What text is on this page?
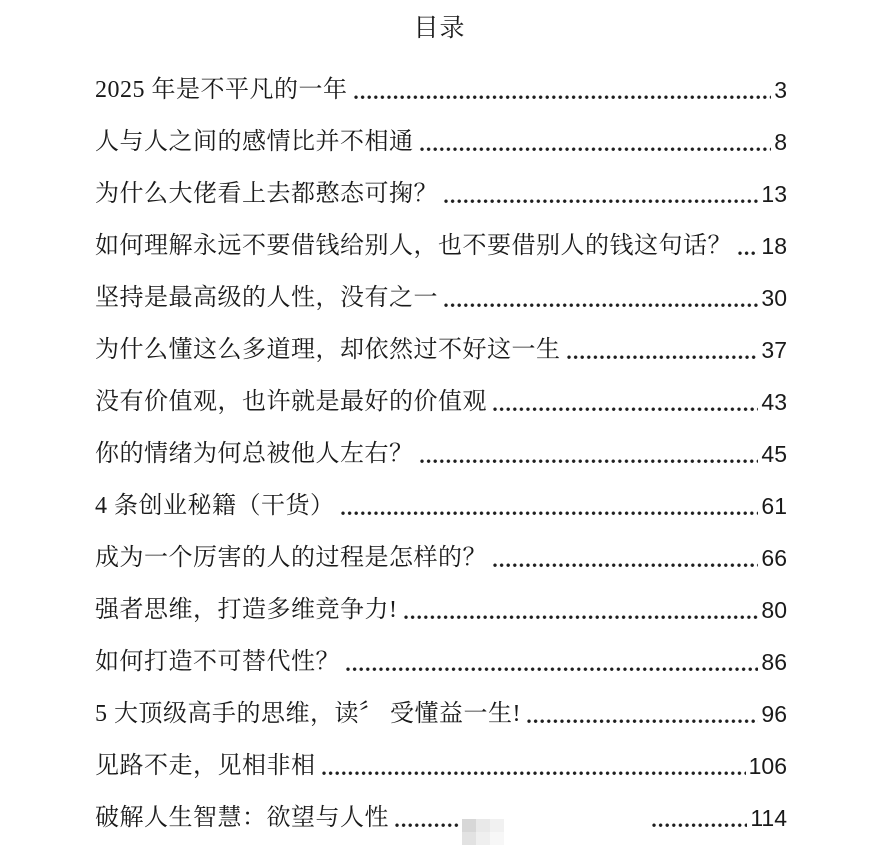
目录
2025 年是不平凡的一年	3
人与人之间的感情比并不相通	8
为什么大佬看上去都憨态可掬？	13
如何理解永远不要借钱给别人，也不要借别人的钱这句话？ 18
坚持是最高级的人性，没有之一	30
为什么懂这么多道理，却依然过不好这一生	37
没有价值观，也许就是最好的价值观	43
你的情绪为何总被他人左右？	45
4 条创业秘籍（干货）	61
成为一个厉害的人的过程是怎样的？	66
强者思维，打造多维竞争力!	80
如何打造不可替代性？	86
5 大顶级高手的思维，读〞 受懂益一生!	96
见路不走，见相非相	106
破解人生智慧：欲望与人性	114
